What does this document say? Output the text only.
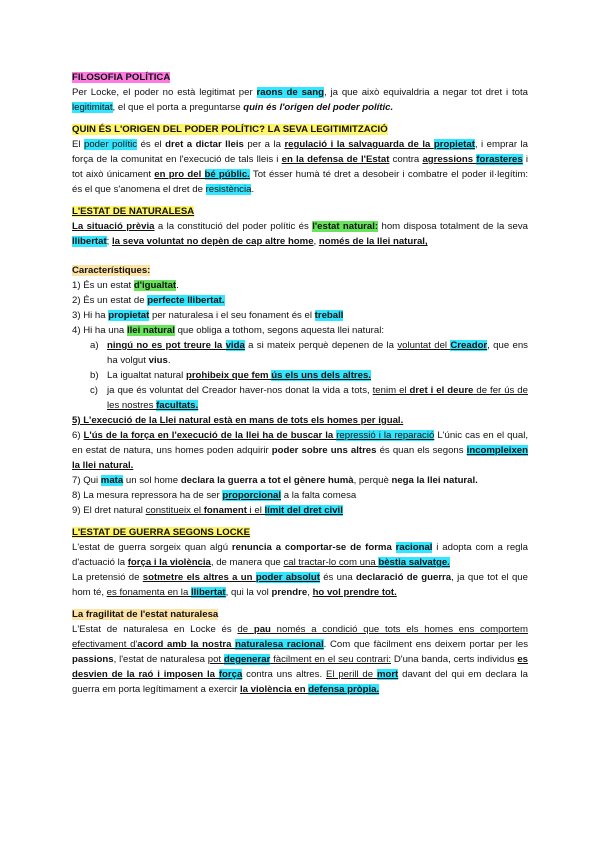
FILOSOFIA POLÍTICA

Per Locke, el poder no està legitimat per raons de sang, ja que això equivaldria a negar tot dret i tota legitimitat, el que el porta a preguntarse quin és l'origen del poder polític.

QUIN ÉS L'ORIGEN DEL PODER POLÍTIC? LA SEVA LEGITIMITZACIÓ

El poder polític és el dret a dictar lleis per a la regulació i la salvaguarda de la propietat, i emprar la força de la comunitat en l'execució de tals lleis i en la defensa de l'Estat contra agressions forasteres i tot això únicament en pro del bé públic. Tot ésser humà té dret a desobeir i combatre el poder il·legítim: és el que s'anomena el dret de resistència.

L'ESTAT DE NATURALESA

La situació prèvia a la constitució del poder polític és l'estat natural: hom disposa totalment de la seva llibertat; la seva voluntat no depèn de cap altre home, només de la llei natural,

Característiques:

1) És un estat d'igualtat.

2) És un estat de perfecte llibertat.

3) Hi ha propietat per naturalesa i el seu fonament és el treball

4) Hi ha una llei natural que obliga a tothom, segons aquesta llei natural:

a) ningú no es pot treure la vida a si mateix perquè depenen de la voluntat del Creador, que ens ha volgut vius.
b) La igualtat natural prohibeix que fem ús els uns dels altres.
c) ja que és voluntat del Creador haver-nos donat la vida a tots, tenim el dret i el deure de fer ús de les nostres facultats.

5) L'execució de la Llei natural està en mans de tots els homes per igual.

6) L'ús de la força en l'execució de la llei ha de buscar la repressió i la reparació L'únic cas en el qual, en estat de natura, uns homes poden adquirir poder sobre uns altres és quan els segons incompleixen la llei natural.

7) Qui mata un sol home declara la guerra a tot el gènere humà, perquè nega la llei natural.

8) La mesura repressora ha de ser proporcional a la falta comesa

9) El dret natural constitueix el fonament i el límit del dret civil

L'ESTAT DE GUERRA SEGONS LOCKE

L'estat de guerra sorgeix quan algú renuncia a comportar-se de forma racional i adopta com a regla d'actuació la força i la violència, de manera que cal tractar-lo com una bèstia salvatge.

La pretensió de sotmetre els altres a un poder absolut és una declaració de guerra, ja que tot el que hom té, es fonamenta en la llibertat, qui la vol prendre, ho vol prendre tot.

La fragilitat de l'estat naturalesa

L'Estat de naturalesa en Locke és de pau només a condició que tots els homes ens comportem efectivament d'acord amb la nostra naturalesa racional. Com que fàcilment ens deixem portar per les passions, l'estat de naturalesa pot degenerar fàcilment en el seu contrari: D'una banda, certs individus es desvien de la raó i imposen la força contra uns altres. El perill de mort davant del qui em declara la guerra em porta legítimament a exercir la violència en defensa pròpia.
